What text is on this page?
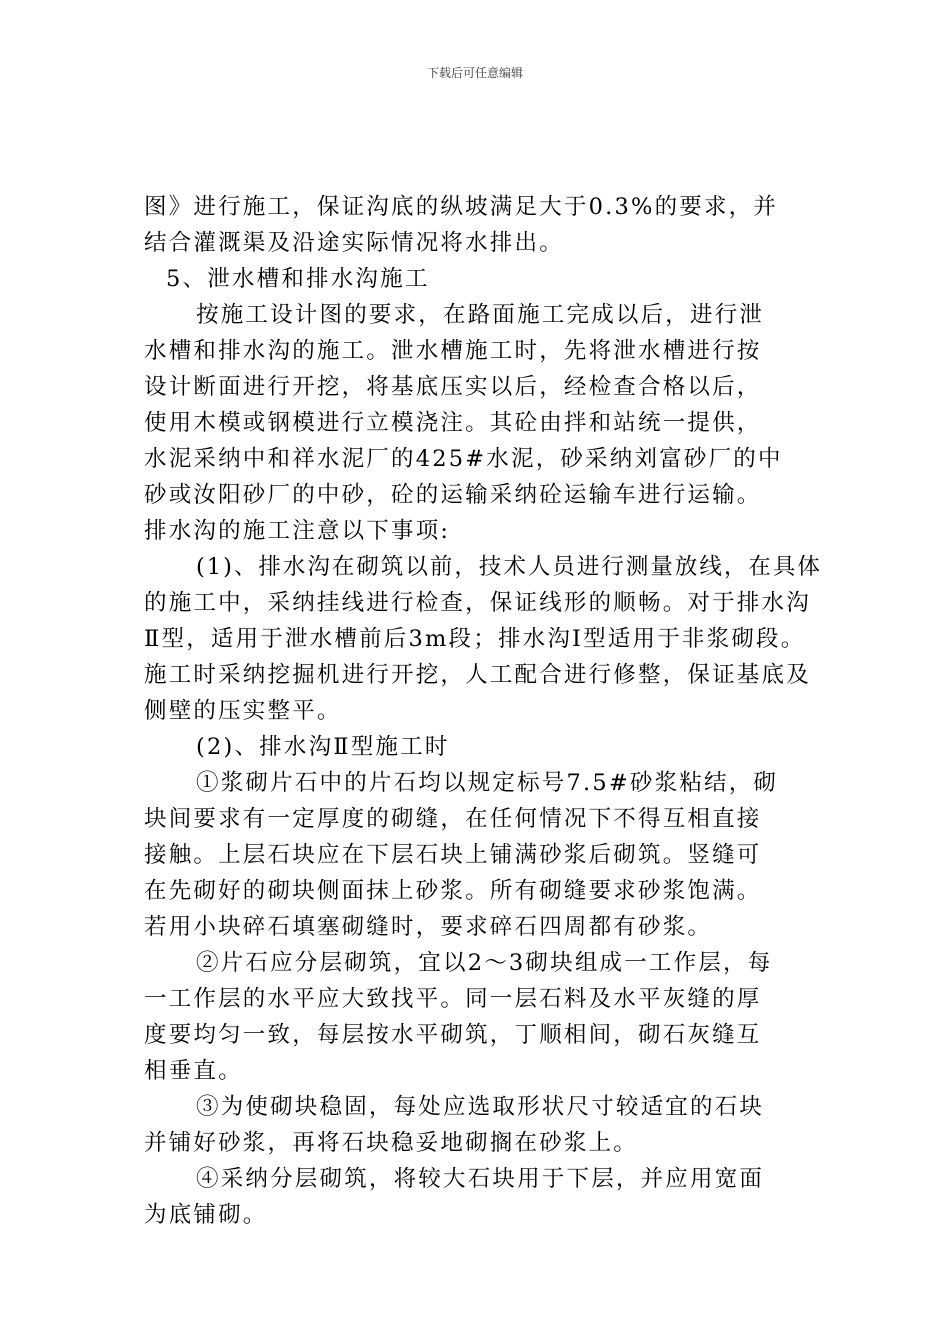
下载后可任意编辑

图》进行施工，保证沟底的纵坡满足大于0.3%的要求，并

结合灌溉渠及沿途实际情况将水排出。

5、泄水槽和排水沟施工

按施工设计图的要求，在路面施工完成以后，进行泄

水槽和排水沟的施工。泄水槽施工时，先将泄水槽进行按

设计断面进行开挖，将基底压实以后，经检查合格以后，

使用木模或钢模进行立模浇注。其砼由拌和站统一提供，

水泥采纳中和祥水泥厂的425#水泥，砂采纳刘富砂厂的中

砂或汝阳砂厂的中砂，砼的运输采纳砼运输车进行运输。

排水沟的施工注意以下事项:

(1)、排水沟在砌筑以前，技术人员进行测量放线，在具体

的施工中，采纳挂线进行检查，保证线形的顺畅。对于排水沟

Ⅱ型，适用于泄水槽前后3m段；排水沟Ⅰ型适用于非浆砌段。

施工时采纳挖掘机进行开挖，人工配合进行修整，保证基底及

侧壁的压实整平。

(2)、排水沟Ⅱ型施工时

①浆砌片石中的片石均以规定标号7.5#砂浆粘结，砌

块间要求有一定厚度的砌缝，在任何情况下不得互相直接

接触。上层石块应在下层石块上铺满砂浆后砌筑。竖缝可

在先砌好的砌块侧面抹上砂浆。所有砌缝要求砂浆饱满。

若用小块碎石填塞砌缝时，要求碎石四周都有砂浆。

②片石应分层砌筑，宜以2～3砌块组成一工作层，每

一工作层的水平应大致找平。同一层石料及水平灰缝的厚

度要均匀一致，每层按水平砌筑，丁顺相间，砌石灰缝互

相垂直。

③为使砌块稳固，每处应选取形状尺寸较适宜的石块

并铺好砂浆，再将石块稳妥地砌搁在砂浆上。

④采纳分层砌筑，将较大石块用于下层，并应用宽面

为底铺砌。
